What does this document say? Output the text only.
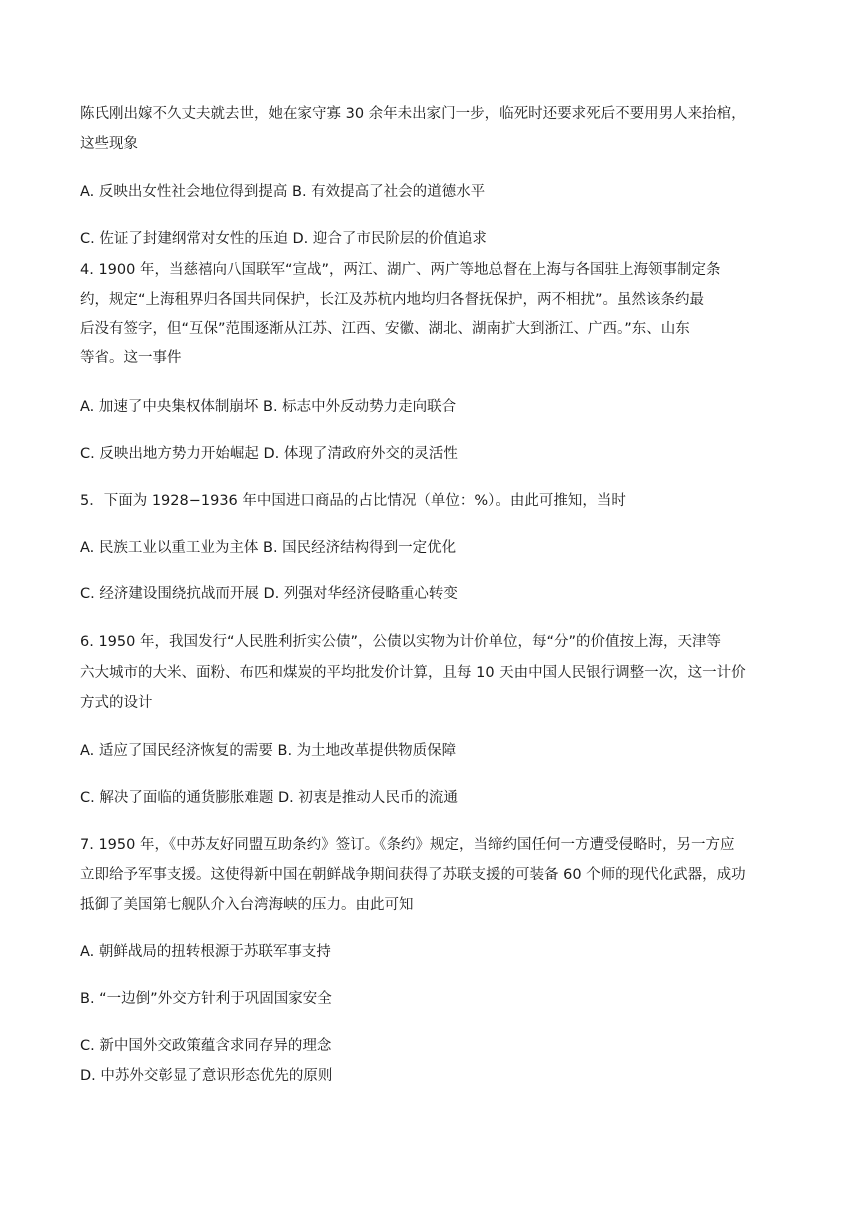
陈氏刚出嫁不久丈夫就去世，她在家守寡 30 余年未出家门一步，临死时还要求死后不要用男人来抬棺，
这些现象
A. 反映出女性社会地位得到提高 B. 有效提高了社会的道德水平
C. 佐证了封建纲常对女性的压迫 D. 迎合了市民阶层的价值追求
4. 1900 年，当慈禧向八国联军“宣战”，两江、湖广、两广等地总督在上海与各国驻上海领事制定条
约，规定“上海租界归各国共同保护，长江及苏杭内地均归各督抚保护，两不相扰”。虽然该条约最
后没有签字，但“互保”范围逐渐从江苏、江西、安徽、湖北、湖南扩大到浙江、广西。”东、山东
等省。这一事件
A. 加速了中央集权体制崩坏 B. 标志中外反动势力走向联合
C. 反映出地方势力开始崛起 D. 体现了清政府外交的灵活性
5．下面为 1928−1936 年中国进口商品的占比情况（单位：%）。由此可推知，当时
A. 民族工业以重工业为主体 B. 国民经济结构得到一定优化
C. 经济建设围绕抗战而开展 D. 列强对华经济侵略重心转变
6. 1950 年，我国发行“人民胜利折实公债”，公债以实物为计价单位，每“分”的价值按上海，天津等
六大城市的大米、面粉、布匹和煤炭的平均批发价计算，且每 10 天由中国人民银行调整一次，这一计价
方式的设计
A. 适应了国民经济恢复的需要 B. 为土地改革提供物质保障
C. 解决了面临的通货膨胀难题 D. 初衷是推动人民币的流通
7. 1950 年，《中苏友好同盟互助条约》签订。《条约》规定，当缔约国任何一方遭受侵略时，另一方应
立即给予军事支援。这使得新中国在朝鲜战争期间获得了苏联支援的可装备 60 个师的现代化武器，成功
抵御了美国第七舰队介入台湾海峡的压力。由此可知
A. 朝鲜战局的扭转根源于苏联军事支持
B. “一边倒”外交方针利于巩固国家安全
C. 新中国外交政策蕴含求同存异的理念
D. 中苏外交彰显了意识形态优先的原则
